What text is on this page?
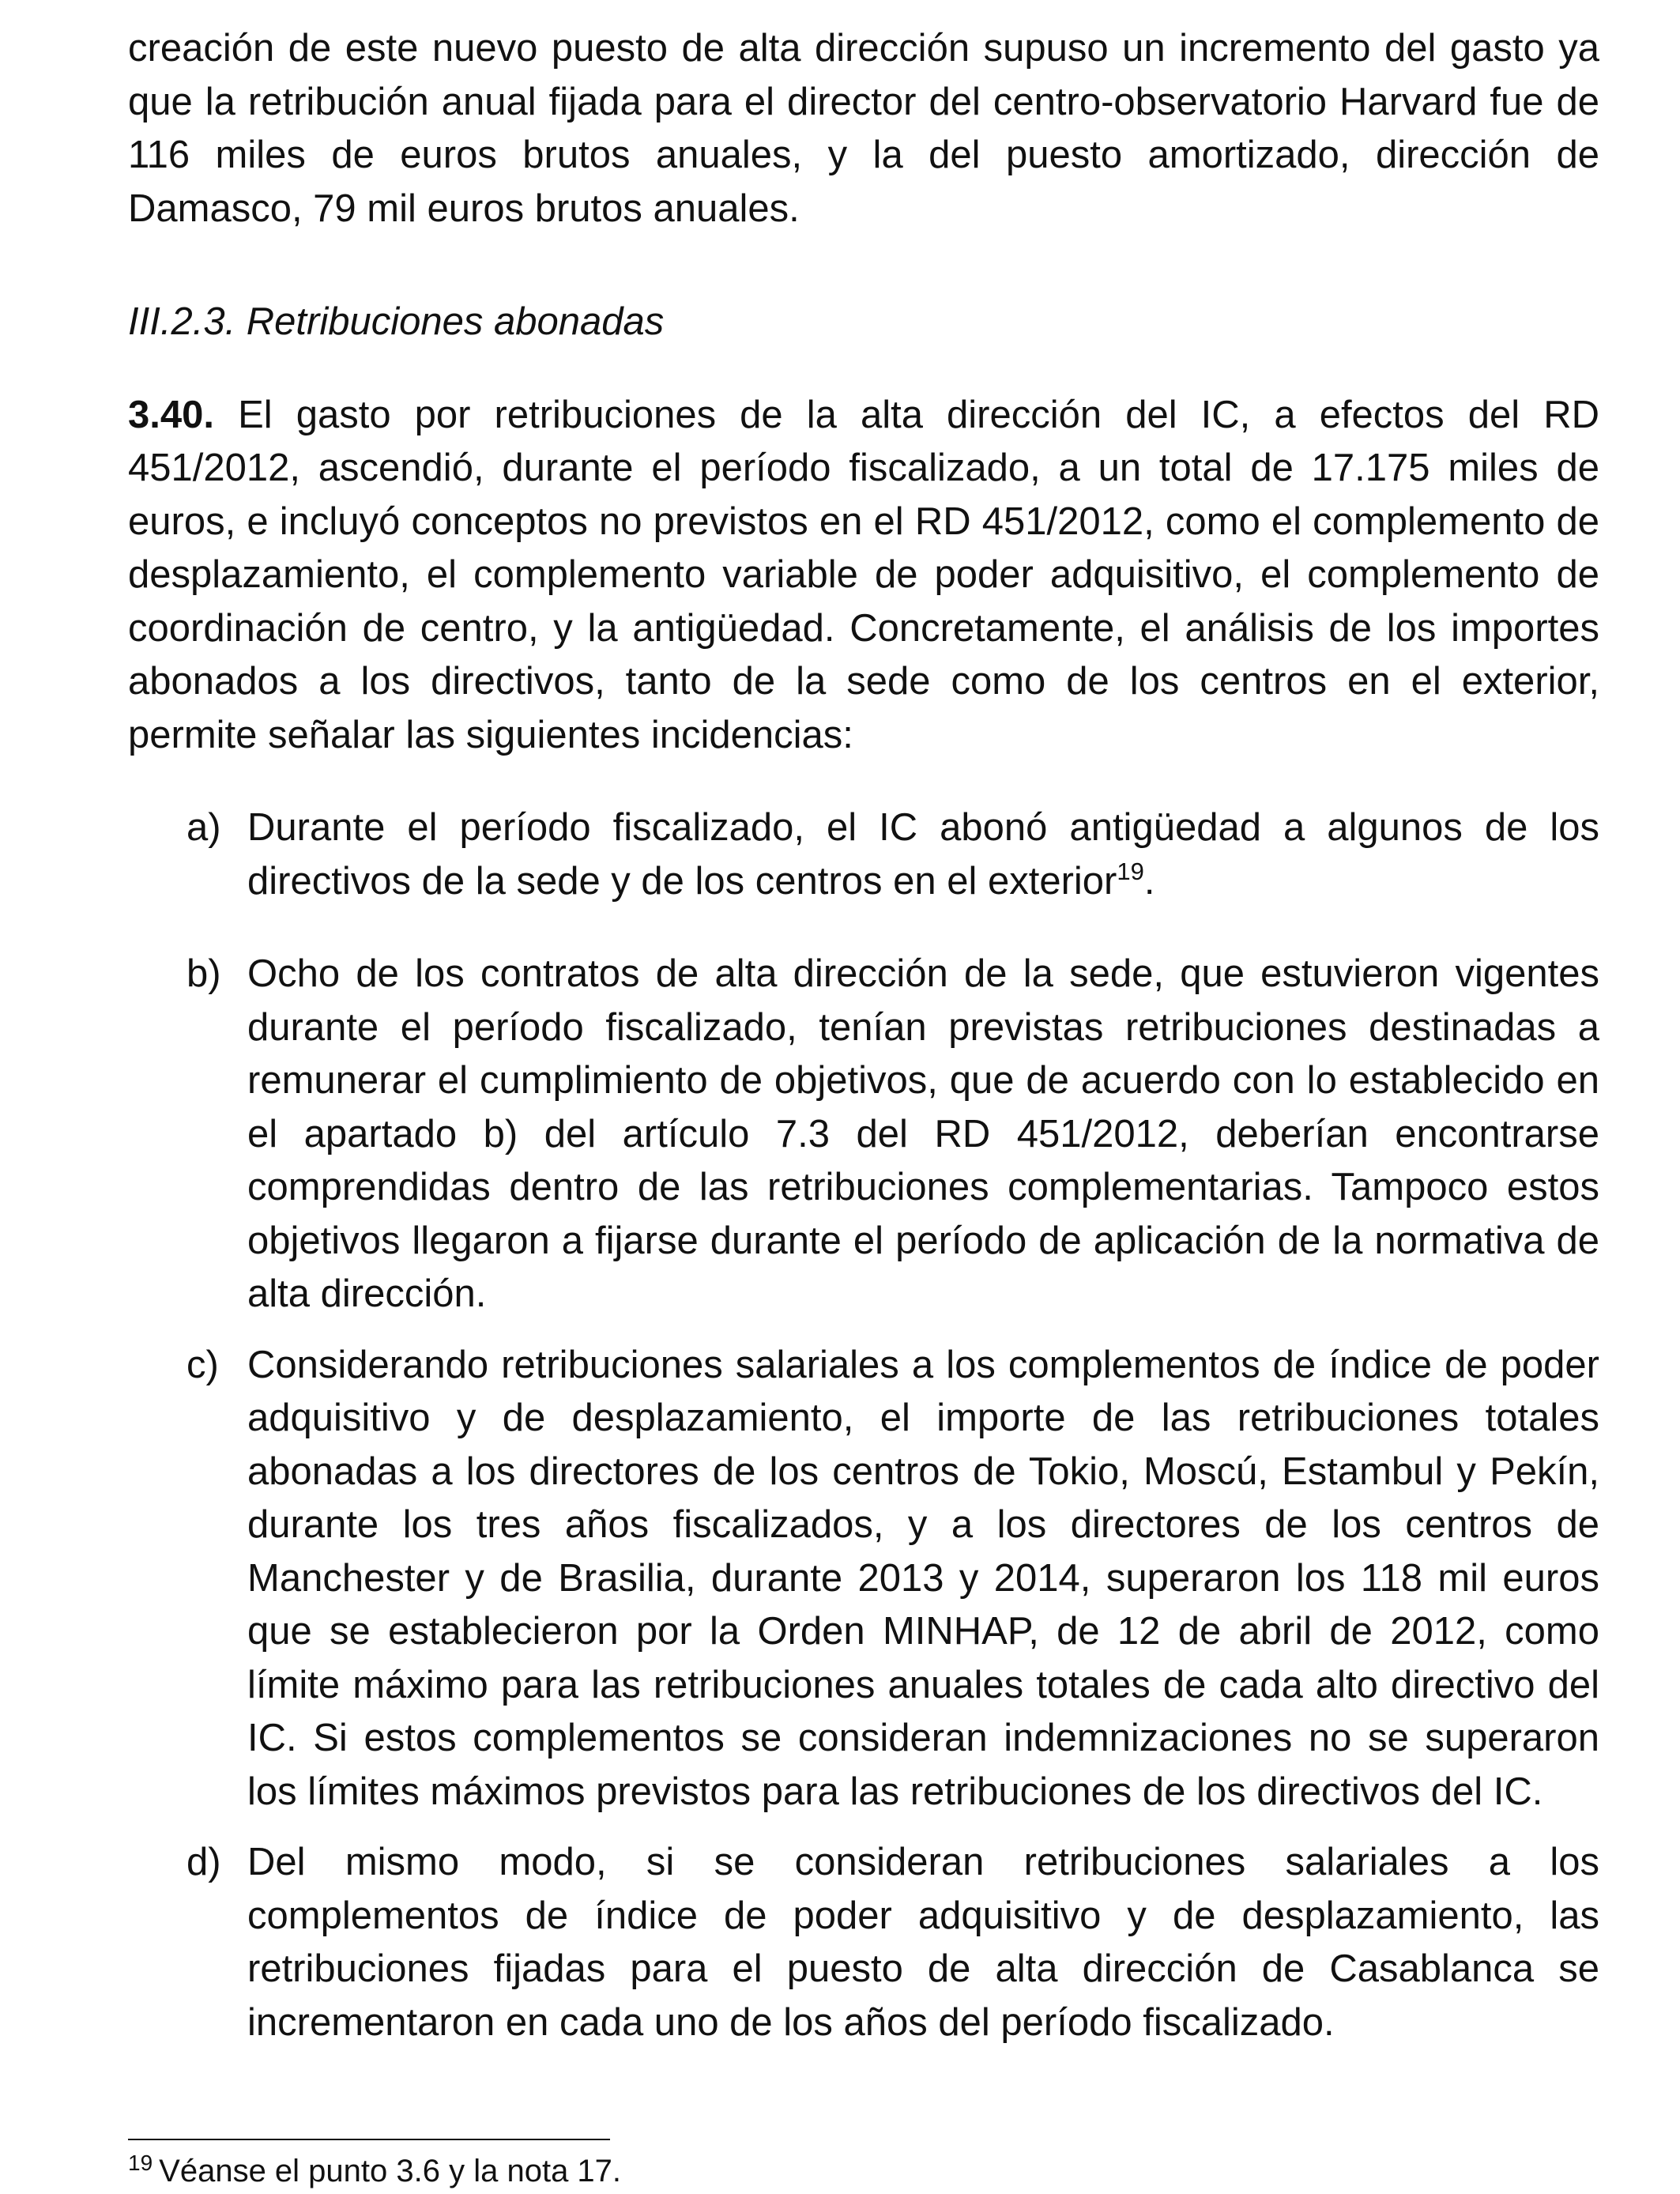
creación de este nuevo puesto de alta dirección supuso un incremento del gasto ya que la retribución anual fijada para el director del centro-observatorio Harvard fue de 116 miles de euros brutos anuales, y la del puesto amortizado, dirección de Damasco, 79 mil euros brutos anuales.

III.2.3. Retribuciones abonadas

3.40. El gasto por retribuciones de la alta dirección del IC, a efectos del RD 451/2012, ascendió, durante el período fiscalizado, a un total de 17.175 miles de euros, e incluyó conceptos no previstos en el RD 451/2012, como el complemento de desplazamiento, el complemento variable de poder adquisitivo, el complemento de coordinación de centro, y la antigüedad. Concretamente, el análisis de los importes abonados a los directivos, tanto de la sede como de los centros en el exterior, permite señalar las siguientes incidencias:

a) Durante el período fiscalizado, el IC abonó antigüedad a algunos de los directivos de la sede y de los centros en el exterior$^{19}$.
b) Ocho de los contratos de alta dirección de la sede, que estuvieron vigentes durante el período fiscalizado, tenían previstas retribuciones destinadas a remunerar el cumplimiento de objetivos, que de acuerdo con lo establecido en el apartado b) del artículo 7.3 del RD 451/2012, deberían encontrarse comprendidas dentro de las retribuciones complementarias. Tampoco estos objetivos llegaron a fijarse durante el período de aplicación de la normativa de alta dirección.
c) Considerando retribuciones salariales a los complementos de índice de poder adquisitivo y de desplazamiento, el importe de las retribuciones totales abonadas a los directores de los centros de Tokio, Moscú, Estambul y Pekín, durante los tres años fiscalizados, y a los directores de los centros de Manchester y de Brasilia, durante 2013 y 2014, superaron los 118 mil euros que se establecieron por la Orden MINHAP, de 12 de abril de 2012, como límite máximo para las retribuciones anuales totales de cada alto directivo del IC. Si estos complementos se consideran indemnizaciones no se superaron los límites máximos previstos para las retribuciones de los directivos del IC.
d) Del mismo modo, si se consideran retribuciones salariales a los complementos de índice de poder adquisitivo y de desplazamiento, las retribuciones fijadas para el puesto de alta dirección de Casablanca se incrementaron en cada uno de los años del período fiscalizado.
$^{19}$ Véanse el punto 3.6 y la nota 17.
